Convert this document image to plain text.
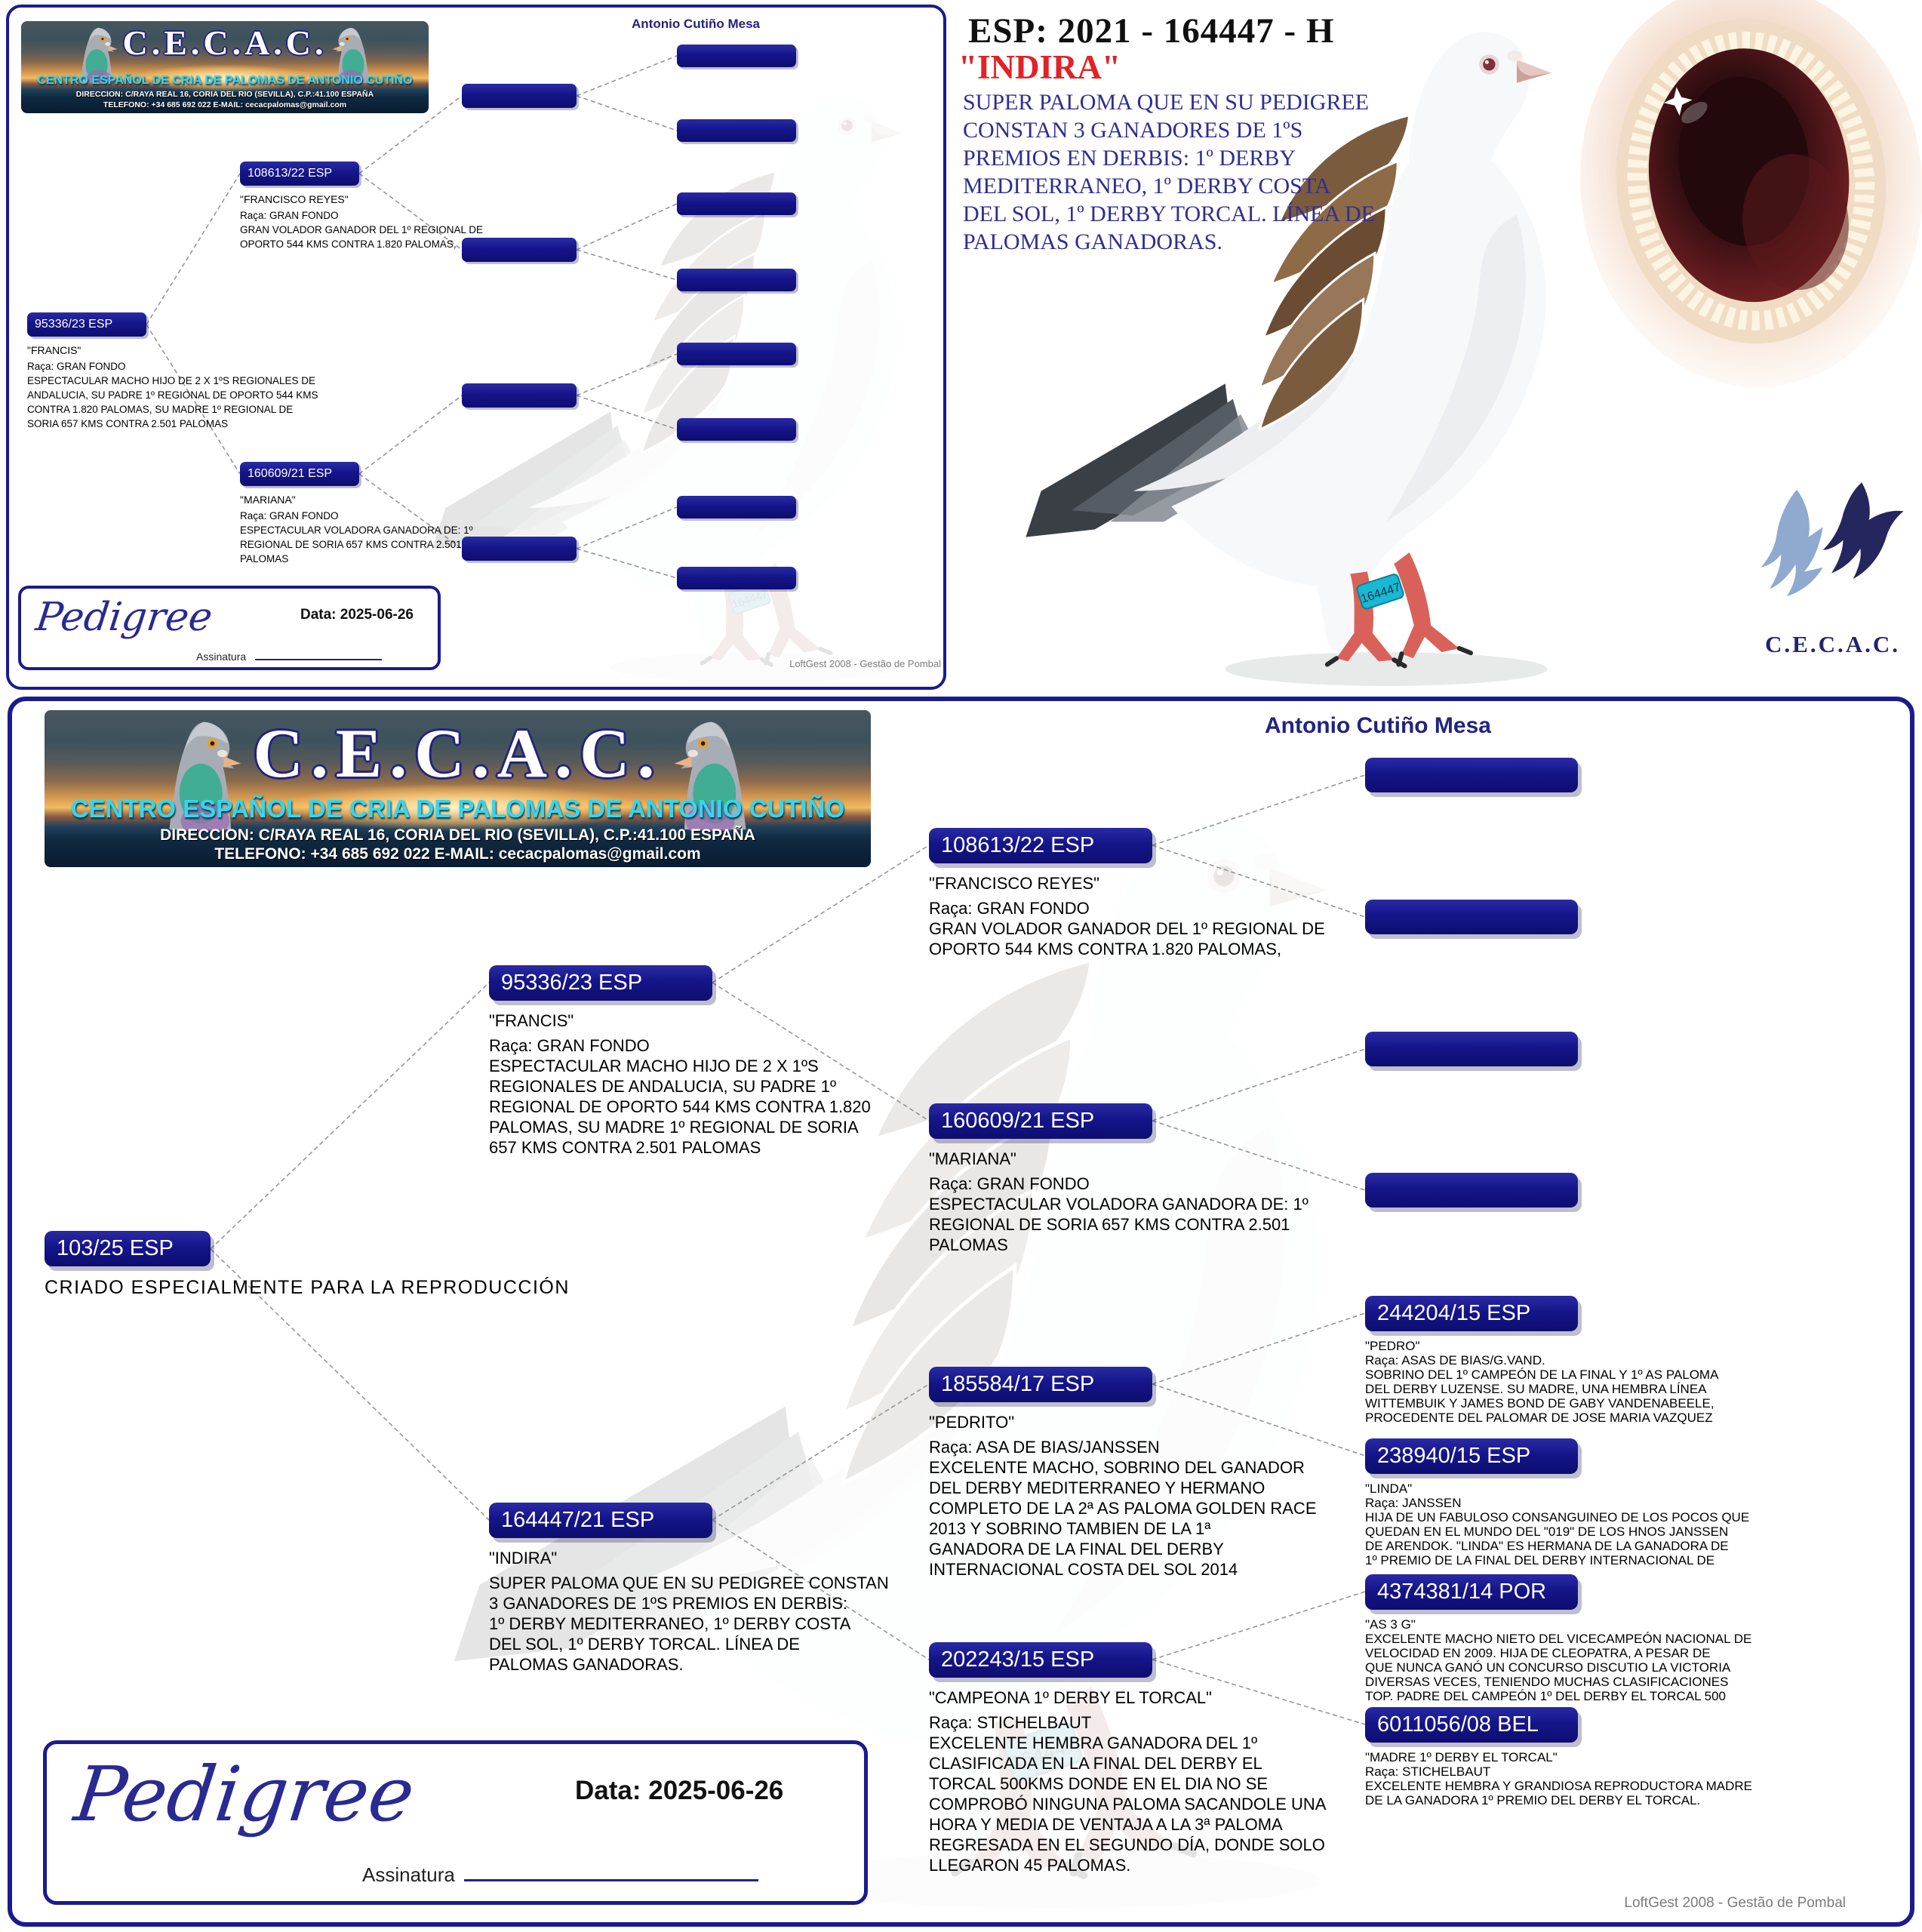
C.E.C.A.C.
CENTRO ESPAÑOL DE CRIA DE PALOMAS DE ANTONIO CUTIÑO
DIRECCION: C/RAYA REAL 16, CORIA DEL RIO (SEVILLA), C.P.:41.100 ESPAÑA
TELEFONO: +34 685 692 022 E-MAIL: cecacpalomas@gmail.com
Antonio Cutiño Mesa
95336/23 ESP
"FRANCIS"
Raça: GRAN FONDO
ESPECTACULAR MACHO HIJO DE 2 X 1ºS REGIONALES DE
ANDALUCIA, SU PADRE 1º REGIONAL DE OPORTO 544 KMS
CONTRA 1.820 PALOMAS, SU MADRE 1º REGIONAL DE
SORIA 657 KMS CONTRA 2.501 PALOMAS
108613/22 ESP
"FRANCISCO REYES"
Raça: GRAN FONDO
GRAN VOLADOR GANADOR DEL 1º REGIONAL DE
OPORTO 544 KMS CONTRA 1.820 PALOMAS,
160609/21 ESP
"MARIANA"
Raça: GRAN FONDO
ESPECTACULAR VOLADORA GANADORA DE: 1º
REGIONAL DE SORIA 657 KMS CONTRA 2.501
PALOMAS
Pedigree	Data: 2025-06-26
Assinatura
LoftGest 2008 - Gestão de Pombal
ESP: 2021 - 164447 - H
"INDIRA"
SUPER PALOMA QUE EN SU PEDIGREE
CONSTAN 3 GANADORES DE 1ºS
PREMIOS EN DERBIS: 1º DERBY
MEDITERRANEO, 1º DERBY COSTA
DEL SOL, 1º DERBY TORCAL. LÍNEA DE
PALOMAS GANADORAS.
C.E.C.A.C.
C.E.C.A.C.
CENTRO ESPAÑOL DE CRIA DE PALOMAS DE ANTONIO CUTIÑO
DIRECCION: C/RAYA REAL 16, CORIA DEL RIO (SEVILLA), C.P.:41.100 ESPAÑA
TELEFONO: +34 685 692 022 E-MAIL: cecacpalomas@gmail.com
Antonio Cutiño Mesa
103/25 ESP
CRIADO ESPECIALMENTE PARA LA REPRODUCCIÓN
95336/23 ESP
"FRANCIS"
Raça: GRAN FONDO
ESPECTACULAR MACHO HIJO DE 2 X 1ºS
REGIONALES DE ANDALUCIA, SU PADRE 1º
REGIONAL DE OPORTO 544 KMS CONTRA 1.820
PALOMAS, SU MADRE 1º REGIONAL DE SORIA
657 KMS CONTRA 2.501 PALOMAS
164447/21 ESP
"INDIRA"
SUPER PALOMA QUE EN SU PEDIGREE CONSTAN
3 GANADORES DE 1ºS PREMIOS EN DERBIS:
1º DERBY MEDITERRANEO, 1º DERBY COSTA
DEL SOL, 1º DERBY TORCAL. LÍNEA DE
PALOMAS GANADORAS.
108613/22 ESP
"FRANCISCO REYES"
Raça: GRAN FONDO
GRAN VOLADOR GANADOR DEL 1º REGIONAL DE
OPORTO 544 KMS CONTRA 1.820 PALOMAS,
160609/21 ESP
"MARIANA"
Raça: GRAN FONDO
ESPECTACULAR VOLADORA GANADORA DE: 1º
REGIONAL DE SORIA 657 KMS CONTRA 2.501
PALOMAS
185584/17 ESP
"PEDRITO"
Raça: ASA DE BIAS/JANSSEN
EXCELENTE MACHO, SOBRINO DEL GANADOR
DEL DERBY MEDITERRANEO Y HERMANO
COMPLETO DE LA 2ª AS PALOMA GOLDEN RACE
2013 Y SOBRINO TAMBIEN DE LA 1ª
GANADORA DE LA FINAL DEL DERBY
INTERNACIONAL COSTA DEL SOL 2014
202243/15 ESP
"CAMPEONA 1º DERBY EL TORCAL"
Raça: STICHELBAUT
EXCELENTE HEMBRA GANADORA DEL 1º
CLASIFICADA EN LA FINAL DEL DERBY EL
TORCAL 500KMS DONDE EN EL DIA NO SE
COMPROBÓ NINGUNA PALOMA SACANDOLE UNA
HORA Y MEDIA DE VENTAJA A LA 3ª PALOMA
REGRESADA EN EL SEGUNDO DÍA, DONDE SOLO
LLEGARON 45 PALOMAS.
244204/15 ESP
"PEDRO"
Raça: ASAS DE BIAS/G.VAND.
SOBRINO DEL 1º CAMPEÓN DE LA FINAL Y 1º AS PALOMA
DEL DERBY LUZENSE. SU MADRE, UNA HEMBRA LÍNEA
WITTEMBUIK Y JAMES BOND DE GABY VANDENABEELE,
PROCEDENTE DEL PALOMAR DE JOSE MARIA VAZQUEZ
238940/15 ESP
"LINDA"
Raça: JANSSEN
HIJA DE UN FABULOSO CONSANGUINEO DE LOS POCOS QUE
QUEDAN EN EL MUNDO DEL "019" DE LOS HNOS JANSSEN
DE ARENDOK. "LINDA" ES HERMANA DE LA GANADORA DE
1º PREMIO DE LA FINAL DEL DERBY INTERNACIONAL DE
4374381/14 POR
"AS 3 G"
EXCELENTE MACHO NIETO DEL VICECAMPEÓN NACIONAL DE
VELOCIDAD EN 2009. HIJA DE CLEOPATRA, A PESAR DE
QUE NUNCA GANÓ UN CONCURSO DISCUTIO LA VICTORIA
DIVERSAS VECES, TENIENDO MUCHAS CLASIFICACIONES
TOP. PADRE DEL CAMPEÓN 1º DEL DERBY EL TORCAL 500
6011056/08 BEL
"MADRE 1º DERBY EL TORCAL"
Raça: STICHELBAUT
EXCELENTE HEMBRA Y GRANDIOSA REPRODUCTORA MADRE
DE LA GANADORA 1º PREMIO DEL DERBY EL TORCAL.
Pedigree	Data: 2025-06-26
Assinatura
LoftGest 2008 - Gestão de Pombal
